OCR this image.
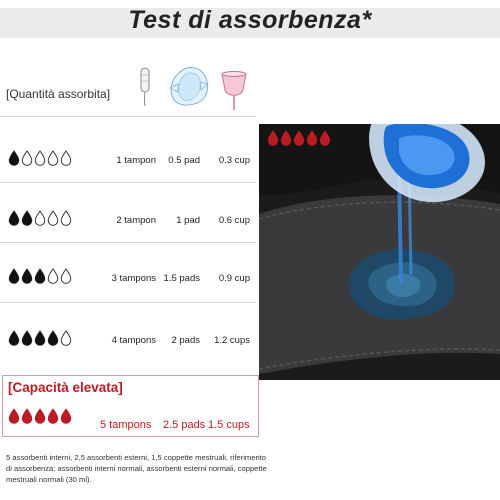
Test di assorbenza*
[Quantità assorbita]
1 tampon 0.5 pad 0.3 cup
2 tampon 1 pad 0.6 cup
3 tampons 1.5 pads 0.9 cup
4 tampons 2 pads 1.2 cups
[Capacità elevata]
5 tampons 2.5 pads 1.5 cups
5 assorbenti interni, 2,5 assorbenti esterni, 1,5 coppette mestruali, riferimento di assorbenza: assorbenti interni normali, assorbenti esterni normali, coppette mestruali normali (30 ml).
